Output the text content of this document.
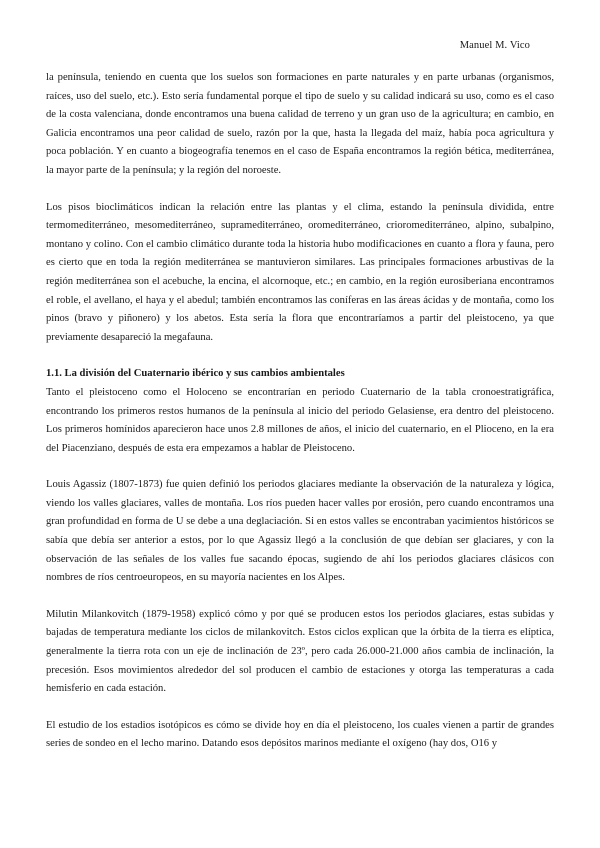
Manuel M. Vico

la península, teniendo en cuenta que los suelos son formaciones en parte naturales y en parte urbanas (organismos, raíces, uso del suelo, etc.). Esto sería fundamental porque el tipo de suelo y su calidad indicará su uso, como es el caso de la costa valenciana, donde encontramos una buena calidad de terreno y un gran uso de la agricultura; en cambio, en Galicia encontramos una peor calidad de suelo, razón por la que, hasta la llegada del maíz, había poca agricultura y poca población. Y en cuanto a biogeografía tenemos en el caso de España encontramos la región bética, mediterránea, la mayor parte de la península; y la región del noroeste.

Los pisos bioclimáticos indican la relación entre las plantas y el clima, estando la península dividida, entre termomediterráneo, mesomediterráneo, supramediterráneo, oromediterráneo, crioromediterráneo, alpino, subalpino, montano y colino. Con el cambio climático durante toda la historia hubo modificaciones en cuanto a flora y fauna, pero es cierto que en toda la región mediterránea se mantuvieron similares. Las principales formaciones arbustivas de la región mediterránea son el acebuche, la encina, el alcornoque, etc.; en cambio, en la región eurosiberiana encontramos el roble, el avellano, el haya y el abedul; también encontramos las coníferas en las áreas ácidas y de montaña, como los pinos (bravo y piñonero) y los abetos. Esta sería la flora que encontraríamos a partir del pleistoceno, ya que previamente desapareció la megafauna.

1.1. La división del Cuaternario ibérico y sus cambios ambientales

Tanto el pleistoceno como el Holoceno se encontrarían en periodo Cuaternario de la tabla cronoestratigráfica, encontrando los primeros restos humanos de la península al inicio del periodo Gelasiense, era dentro del pleistoceno. Los primeros homínidos aparecieron hace unos 2.8 millones de años, el inicio del cuaternario, en el Plioceno, en la era del Piacenziano, después de esta era empezamos a hablar de Pleistoceno.

Louis Agassiz (1807-1873) fue quien definió los periodos glaciares mediante la observación de la naturaleza y lógica, viendo los valles glaciares, valles de montaña. Los ríos pueden hacer valles por erosión, pero cuando encontramos una gran profundidad en forma de U se debe a una deglaciación. Si en estos valles se encontraban yacimientos históricos se sabía que debía ser anterior a estos, por lo que Agassiz llegó a la conclusión de que debían ser glaciares, y con la observación de las señales de los valles fue sacando épocas, sugiendo de ahí los periodos glaciares clásicos con nombres de ríos centroeuropeos, en su mayoría nacientes en los Alpes.

Milutin Milankovitch (1879-1958) explicó cómo y por qué se producen estos los periodos glaciares, estas subidas y bajadas de temperatura mediante los ciclos de milankovitch. Estos ciclos explican que la órbita de la tierra es elíptica, generalmente la tierra rota con un eje de inclinación de 23º, pero cada 26.000-21.000 años cambia de inclinación, la precesión. Esos movimientos alrededor del sol producen el cambio de estaciones y otorga las temperaturas a cada hemisferio en cada estación.

El estudio de los estadios isotópicos es cómo se divide hoy en día el pleistoceno, los cuales vienen a partir de grandes series de sondeo en el lecho marino. Datando esos depósitos marinos mediante el oxígeno (hay dos, O16 y
